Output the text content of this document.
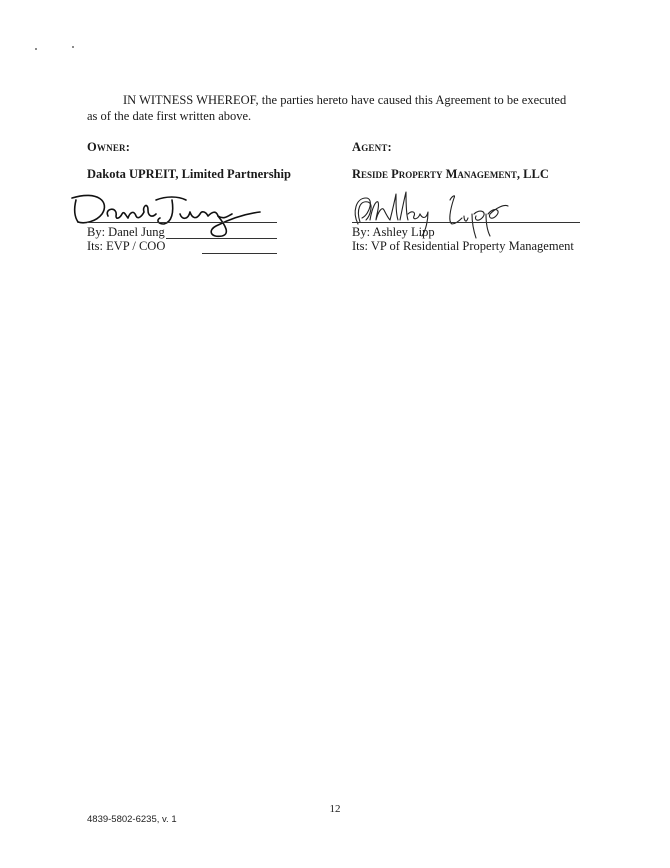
IN WITNESS WHEREOF, the parties hereto have caused this Agreement to be executed
as of the date first written above.
Owner:
Dakota UPREIT, Limited Partnership
By: Danel Jung
Its: EVP / COO
Agent:
Reside Property Management, LLC
By: Ashley Lipp
Its: VP of Residential Property Management
12
4839-5802-6235, v. 1
